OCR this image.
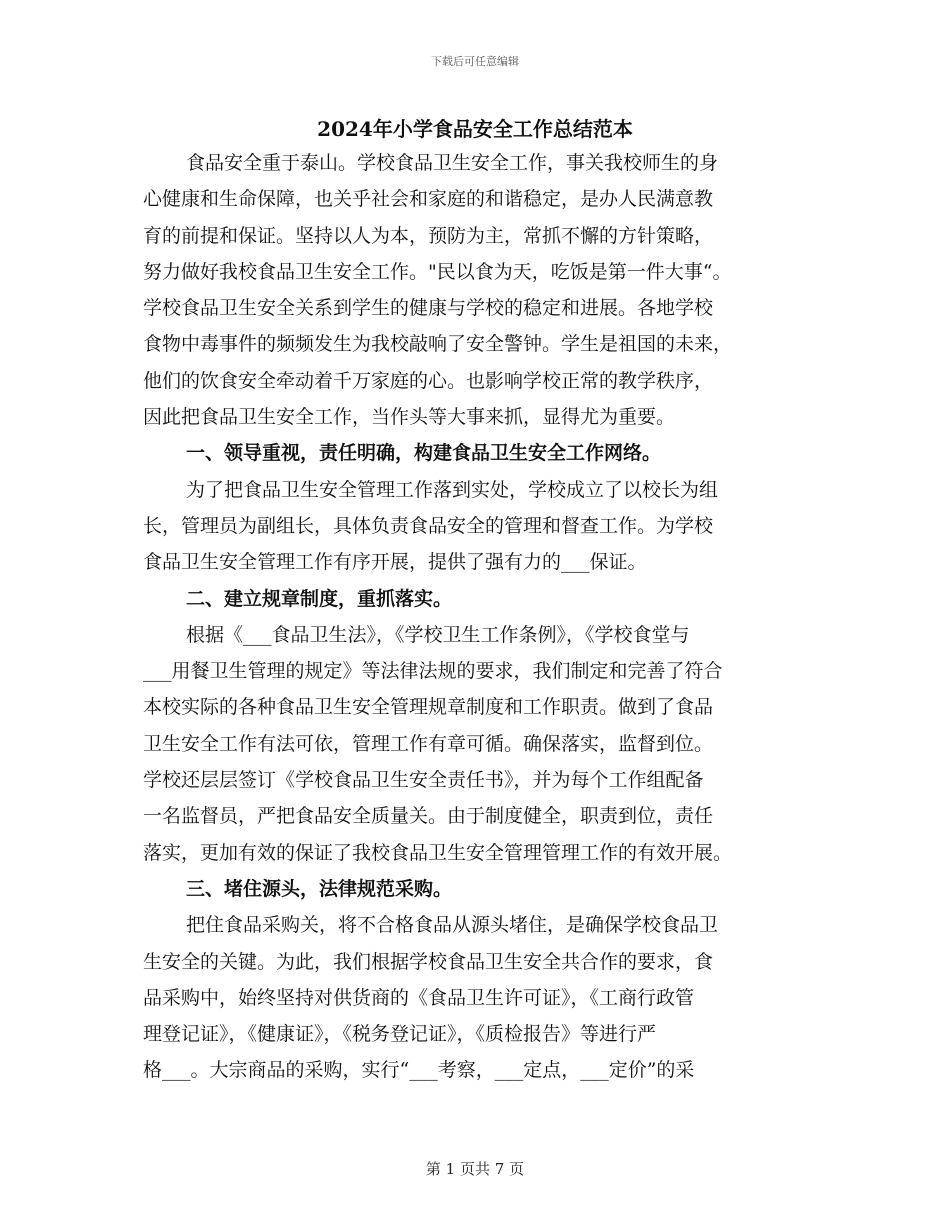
下载后可任意编辑
2024年小学食品安全工作总结范本
食品安全重于泰山。学校食品卫生安全工作，事关我校师生的身
心健康和生命保障，也关乎社会和家庭的和谐稳定，是办人民满意教
育的前提和保证。坚持以人为本，预防为主，常抓不懈的方针策略，
努力做好我校食品卫生安全工作。"民以食为天，吃饭是第一件大事“。
学校食品卫生安全关系到学生的健康与学校的稳定和进展。各地学校
食物中毒事件的频频发生为我校敲响了安全警钟。学生是祖国的未来，
他们的饮食安全牵动着千万家庭的心。也影响学校正常的教学秩序，
因此把食品卫生安全工作，当作头等大事来抓，显得尤为重要。
一、领导重视，责任明确，构建食品卫生安全工作网络。
为了把食品卫生安全管理工作落到实处，学校成立了以校长为组
长，管理员为副组长，具体负责食品安全的管理和督查工作。为学校
食品卫生安全管理工作有序开展，提供了强有力的___保证。
二、建立规章制度，重抓落实。
根据《___食品卫生法》，《学校卫生工作条例》，《学校食堂与
___用餐卫生管理的规定》等法律法规的要求，我们制定和完善了符合
本校实际的各种食品卫生安全管理规章制度和工作职责。做到了食品
卫生安全工作有法可依，管理工作有章可循。确保落实，监督到位。
学校还层层签订《学校食品卫生安全责任书》，并为每个工作组配备
一名监督员，严把食品安全质量关。由于制度健全，职责到位，责任
落实，更加有效的保证了我校食品卫生安全管理管理工作的有效开展。
三、堵住源头，法律规范采购。
把住食品采购关，将不合格食品从源头堵住，是确保学校食品卫
生安全的关键。为此，我们根据学校食品卫生安全共合作的要求，食
品采购中，始终坚持对供货商的《食品卫生许可证》，《工商行政管
理登记证》，《健康证》，《税务登记证》，《质检报告》等进行严
格___。大宗商品的采购，实行“___考察，___定点，___定价”的采
第 1 页共 7 页
